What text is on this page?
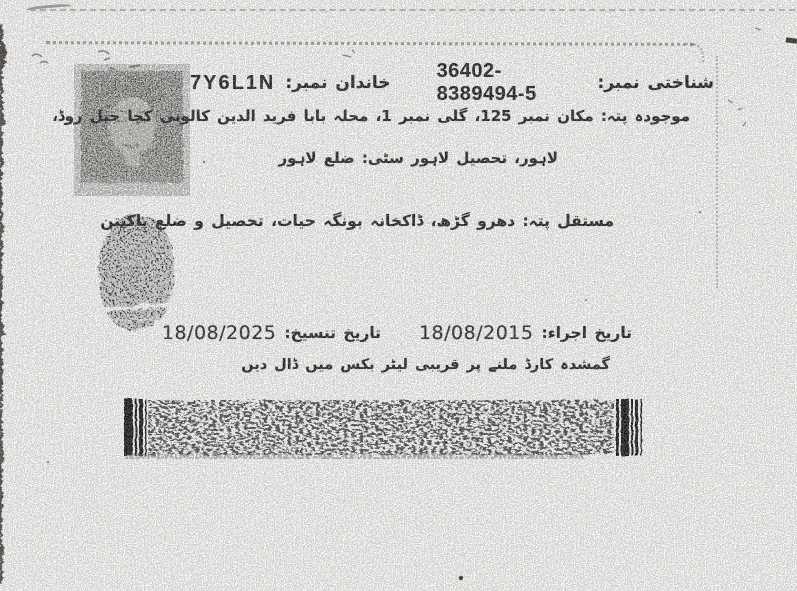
شناختی نمبر:
36402-8389494-5
خاندان نمبر:
7Y6L1N
موجودہ پتہ: مکان نمبر 125، گلی نمبر 1، محلہ بابا فرید الدین کالونی کچا جیل روڈ،
لاہور، تحصیل لاہور سٹی: ضلع لاہور
مستقل پتہ: دھرو گڑھ، ڈاکخانہ بونگہ حیات، تحصیل و ضلع پاکپتن
تاریخ اجراء:
18/08/2015
تاریخ تنسیخ:
18/08/2025
گمشدہ کارڈ ملنے پر قریبی لیٹر بکس میں ڈال دیں
